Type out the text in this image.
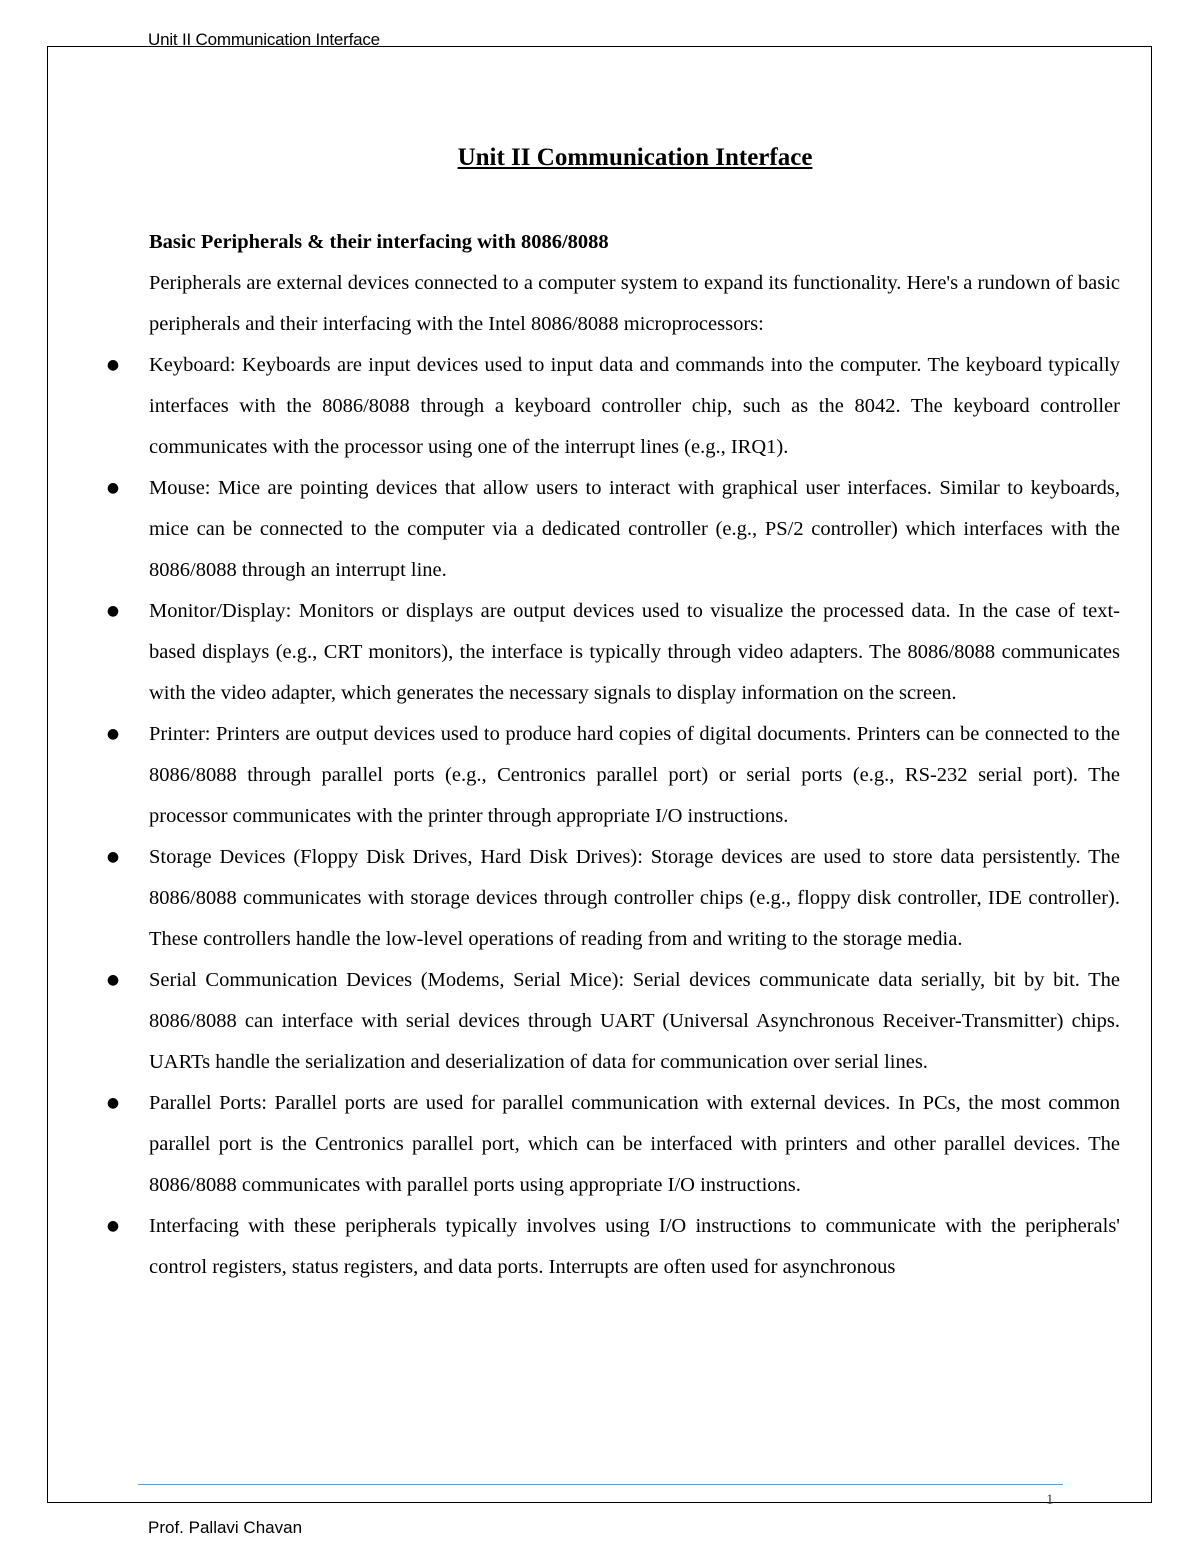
Unit II Communication Interface
Unit II Communication Interface

Basic Peripherals & their interfacing with 8086/8088

Peripherals are external devices connected to a computer system to expand its functionality. Here's a rundown of basic peripherals and their interfacing with the Intel 8086/8088 microprocessors:

● Keyboard: Keyboards are input devices used to input data and commands into the computer. The keyboard typically interfaces with the 8086/8088 through a keyboard controller chip, such as the 8042. The keyboard controller communicates with the processor using one of the interrupt lines (e.g., IRQ1).
● Mouse: Mice are pointing devices that allow users to interact with graphical user interfaces. Similar to keyboards, mice can be connected to the computer via a dedicated controller (e.g., PS/2 controller) which interfaces with the 8086/8088 through an interrupt line.
● Monitor/Display: Monitors or displays are output devices used to visualize the processed data. In the case of text-based displays (e.g., CRT monitors), the interface is typically through video adapters. The 8086/8088 communicates with the video adapter, which generates the necessary signals to display information on the screen.
● Printer: Printers are output devices used to produce hard copies of digital documents. Printers can be connected to the 8086/8088 through parallel ports (e.g., Centronics parallel port) or serial ports (e.g., RS-232 serial port). The processor communicates with the printer through appropriate I/O instructions.
● Storage Devices (Floppy Disk Drives, Hard Disk Drives): Storage devices are used to store data persistently. The 8086/8088 communicates with storage devices through controller chips (e.g., floppy disk controller, IDE controller). These controllers handle the low-level operations of reading from and writing to the storage media.
● Serial Communication Devices (Modems, Serial Mice): Serial devices communicate data serially, bit by bit. The 8086/8088 can interface with serial devices through UART (Universal Asynchronous Receiver-Transmitter) chips. UARTs handle the serialization and deserialization of data for communication over serial lines.
● Parallel Ports: Parallel ports are used for parallel communication with external devices. In PCs, the most common parallel port is the Centronics parallel port, which can be interfaced with printers and other parallel devices. The 8086/8088 communicates with parallel ports using appropriate I/O instructions.
● Interfacing with these peripherals typically involves using I/O instructions to communicate with the peripherals' control registers, status registers, and data ports. Interrupts are often used for asynchronous
1
Prof. Pallavi Chavan
